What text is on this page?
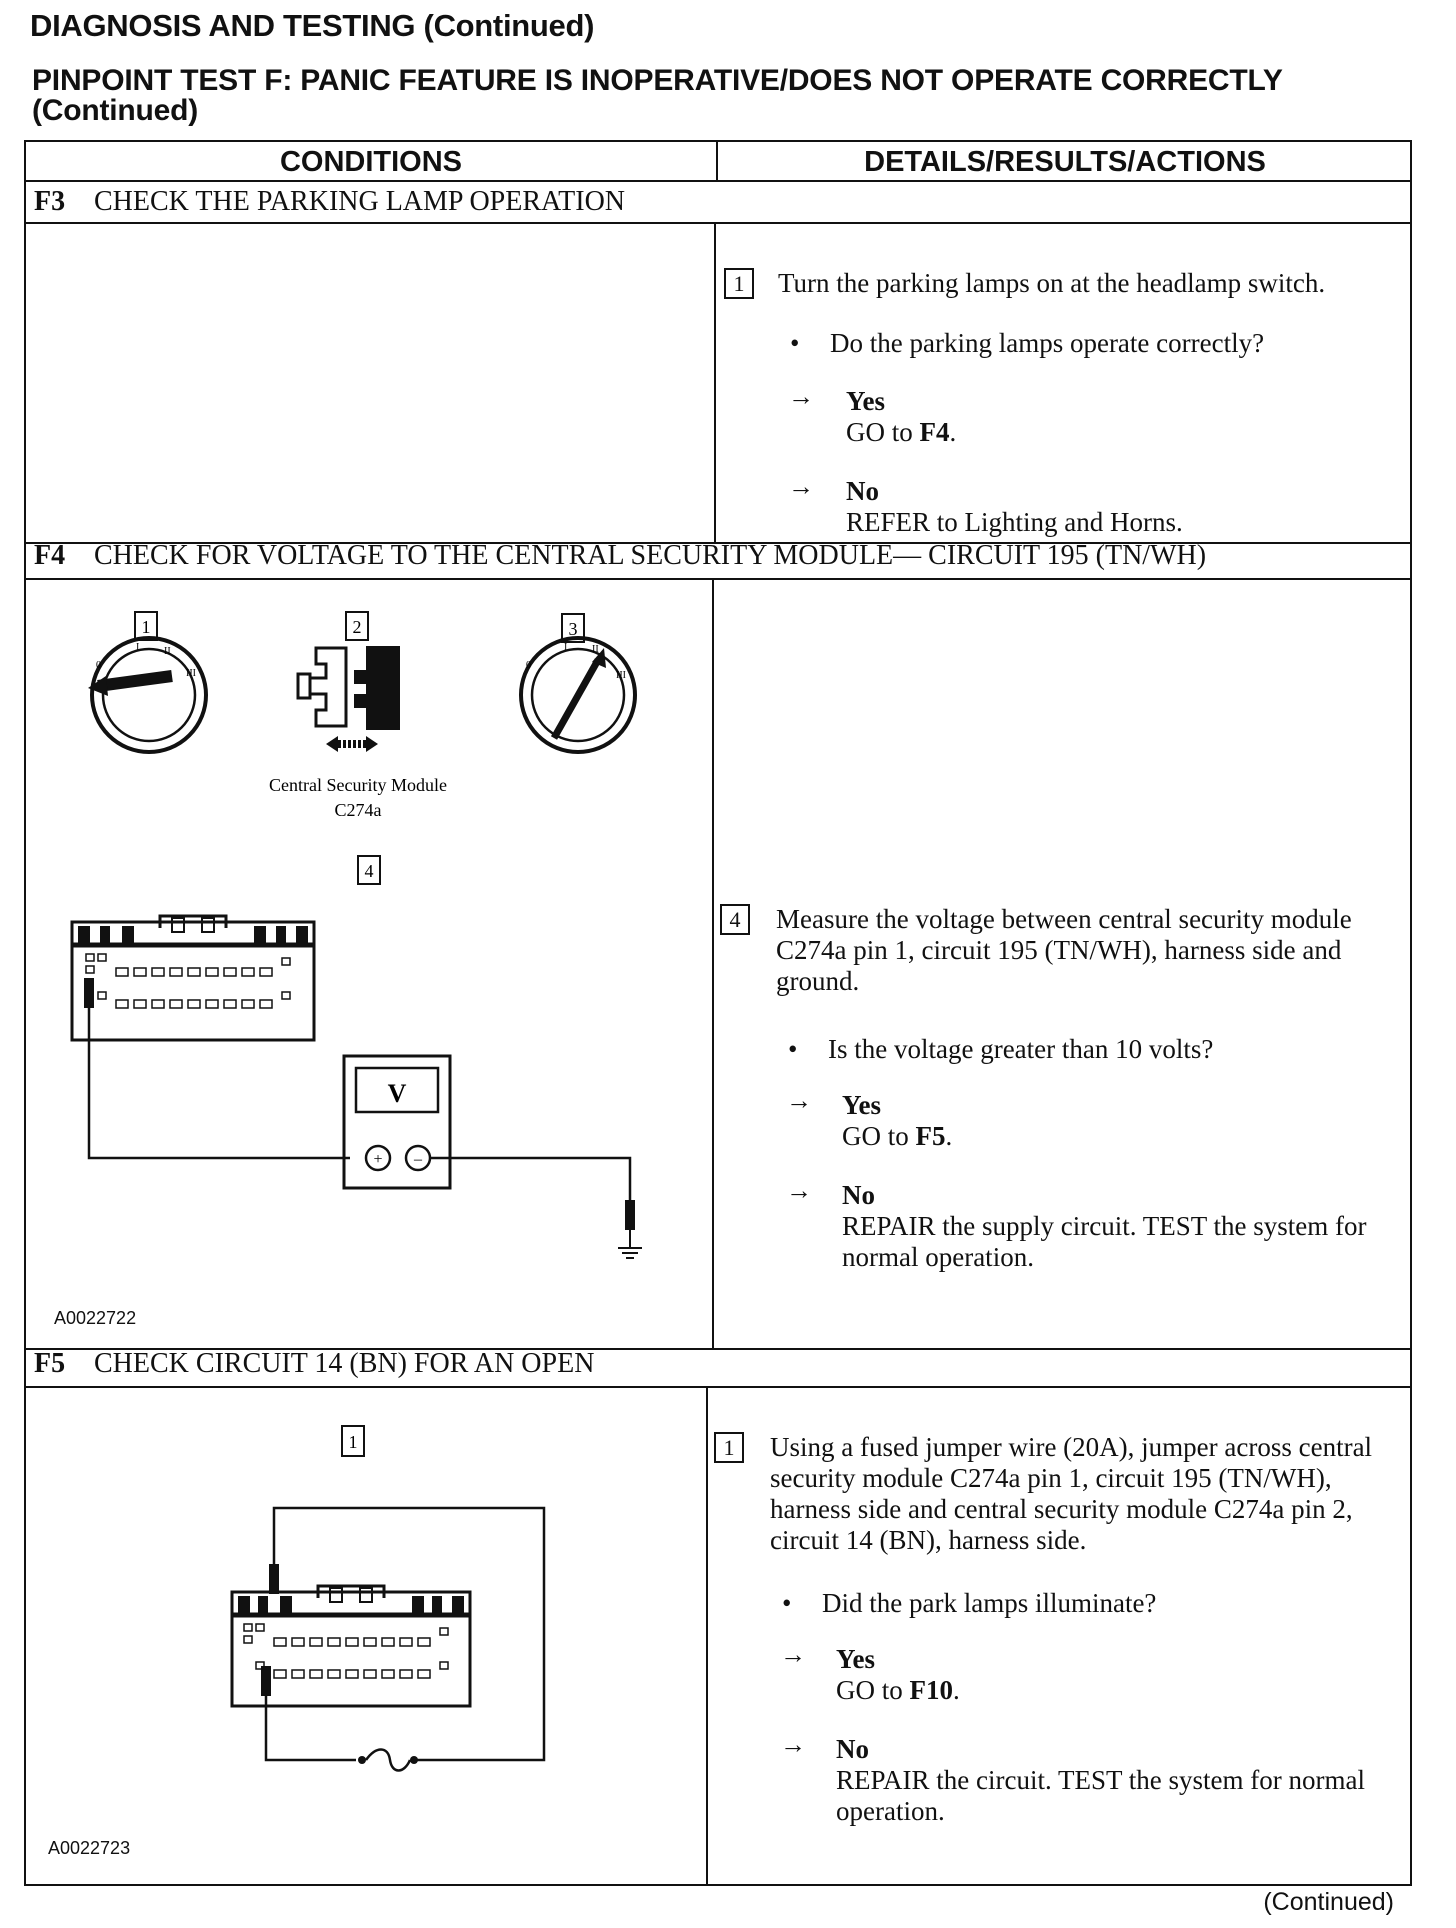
DIAGNOSIS AND TESTING (Continued)
PINPOINT TEST F: PANIC FEATURE IS INOPERATIVE/DOES NOT OPERATE CORRECTLY (Continued)
CONDITIONS	DETAILS/RESULTS/ACTIONS
F3 CHECK THE PARKING LAMP OPERATION
1	Turn the parking lamps on at the headlamp switch.
• Do the parking lamps operate correctly?
→ Yes
GO to F4.
→ No
REFER to Lighting and Horns.
F4 CHECK FOR VOLTAGE TO THE CENTRAL SECURITY MODULE— CIRCUIT 195 (TN/WH)
1	2	3
0
I II
III
Central Security Module
C274a
0
I II
III
4
V
+ –
A0022722
4	Measure the voltage between central security module C274a pin 1, circuit 195 (TN/WH), harness side and ground.
• Is the voltage greater than 10 volts?
→ Yes
GO to F5.
→ No
REPAIR the supply circuit. TEST the system for normal operation.
F5 CHECK CIRCUIT 14 (BN) FOR AN OPEN
1
A0022723
1	Using a fused jumper wire (20A), jumper across central security module C274a pin 1, circuit 195 (TN/WH), harness side and central security module C274a pin 2, circuit 14 (BN), harness side.
• Did the park lamps illuminate?
→ Yes
GO to F10.
→ No
REPAIR the circuit. TEST the system for normal operation.
(Continued)
